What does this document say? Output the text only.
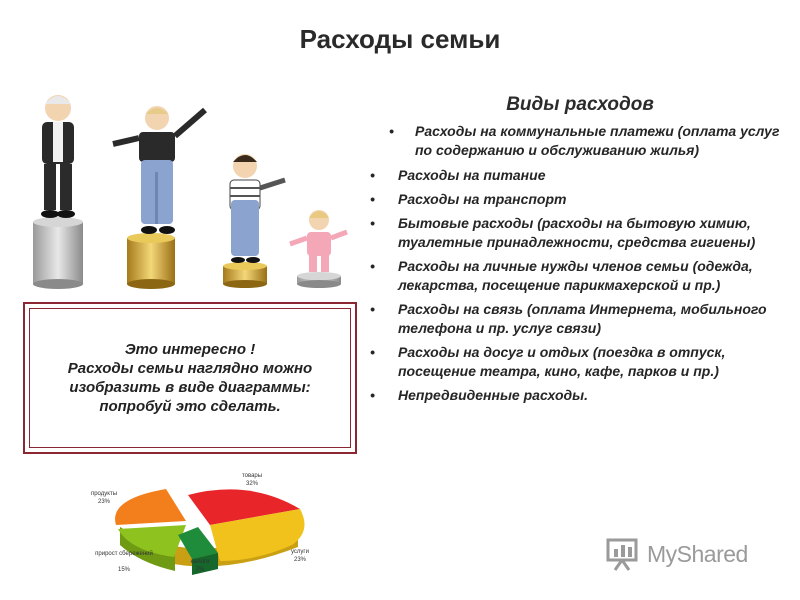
Расходы семьи
Виды расходов
• Расходы на коммунальные платежи (оплата услуг по содержанию и обслуживанию жилья)
• Расходы на питание
• Расходы на транспорт
• Бытовые расходы (расходы на бытовую химию, туалетные принадлежности, средства гигиены)
• Расходы на личные нужды членов семьи (одежда, лекарства, посещение парикмахерской и пр.)
• Расходы на связь (оплата Интернета, мобильного телефона и пр. услуг связи)
• Расходы на досуг и отдых (поездка в отпуск, посещение театра, кино, кафе, парков и пр.)
• Непредвиденные расходы.
Это интересно !
Расходы семьи наглядно можно
изобразить в виде диаграммы:
попробуй это сделать.
товары
32%
услуги
23%
налоги
7%
прирост сбережений
15%
продукты
23%
MyShared
